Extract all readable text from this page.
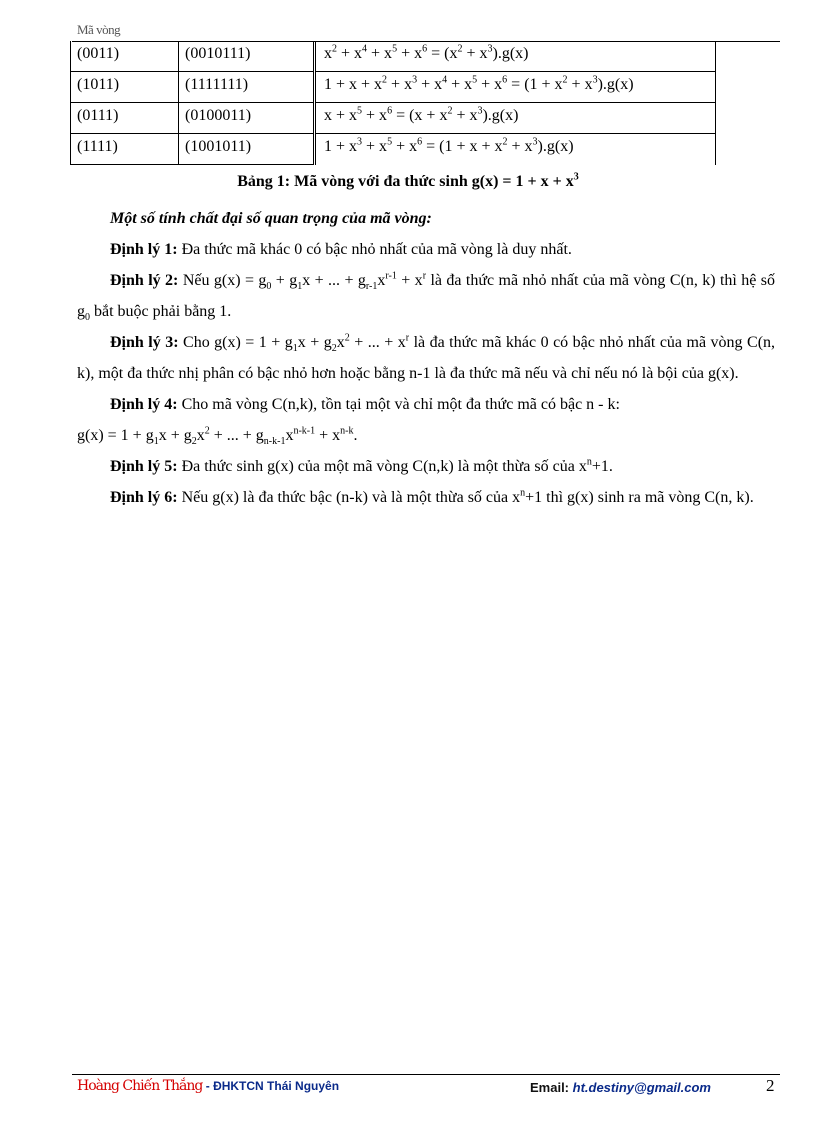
Mã vòng
(0011)	(0010111)	$x^2 + x^4 + x^5 + x^6 = (x^2 + x^3).g(x)$
(1011)	(1111111)	$1 + x + x^2 + x^3 + x^4 + x^5 + x^6 = (1 + x^2 + x^3).g(x)$
(0111)	(0100011)	$x + x^5 + x^6 = (x + x^2 + x^3).g(x)$
(1111)	(1001011)	$1 + x^3 + x^5 + x^6 = (1 + x + x^2 + x^3).g(x)$
Bảng 1: Mã vòng với đa thức $\sinh g(x) = 1 + x + x^3$

Một số tính chất đại số quan trọng của mã vòng:

Định lý 1: Đa thức mã khác 0 có bậc nhỏ nhất của mã vòng là duy nhất.

Định lý 2: Nếu $g(x) = g_0 + g_1x$ + ... + $g_{r-1}x^{r-1} + x^r$ là đa thức mã nhỏ nhất của mã vòng C(n, k) thì hệ số $g_0$ bắt buộc phải bằng 1.

Định lý 3: Cho $g(x) = 1 + g_1x + g_2x^2$ + ... + $x^r$ là đa thức mã khác 0 có bậc nhỏ nhất của mã vòng C(n, k), một đa thức nhị phân có bậc nhỏ hơn hoặc bằng n-1 là đa thức mã nếu và chỉ nếu nó là bội của g(x).

Định lý 4: Cho mã vòng C(n,k), tồn tại một và chỉ một đa thức mã có bậc n - k:

$g(x) = 1 + g_1x + g_2x^2$ + ... + $g_{n-k-1}x^{n-k-1} + x^{n-k}$.

Định lý 5: Đa thức sinh g(x) của một mã vòng C(n,k) là một thừa số của $x^n+1$.

Định lý 6: Nếu g(x) là đa thức bậc (n-k) và là một thừa số của $x^n+1$ thì g(x) sinh ra mã vòng C(n, k).

Hoàng Chiến Thắng - ĐHKTCN Thái Nguyên	Email: ht.destiny@gmail.com	2
